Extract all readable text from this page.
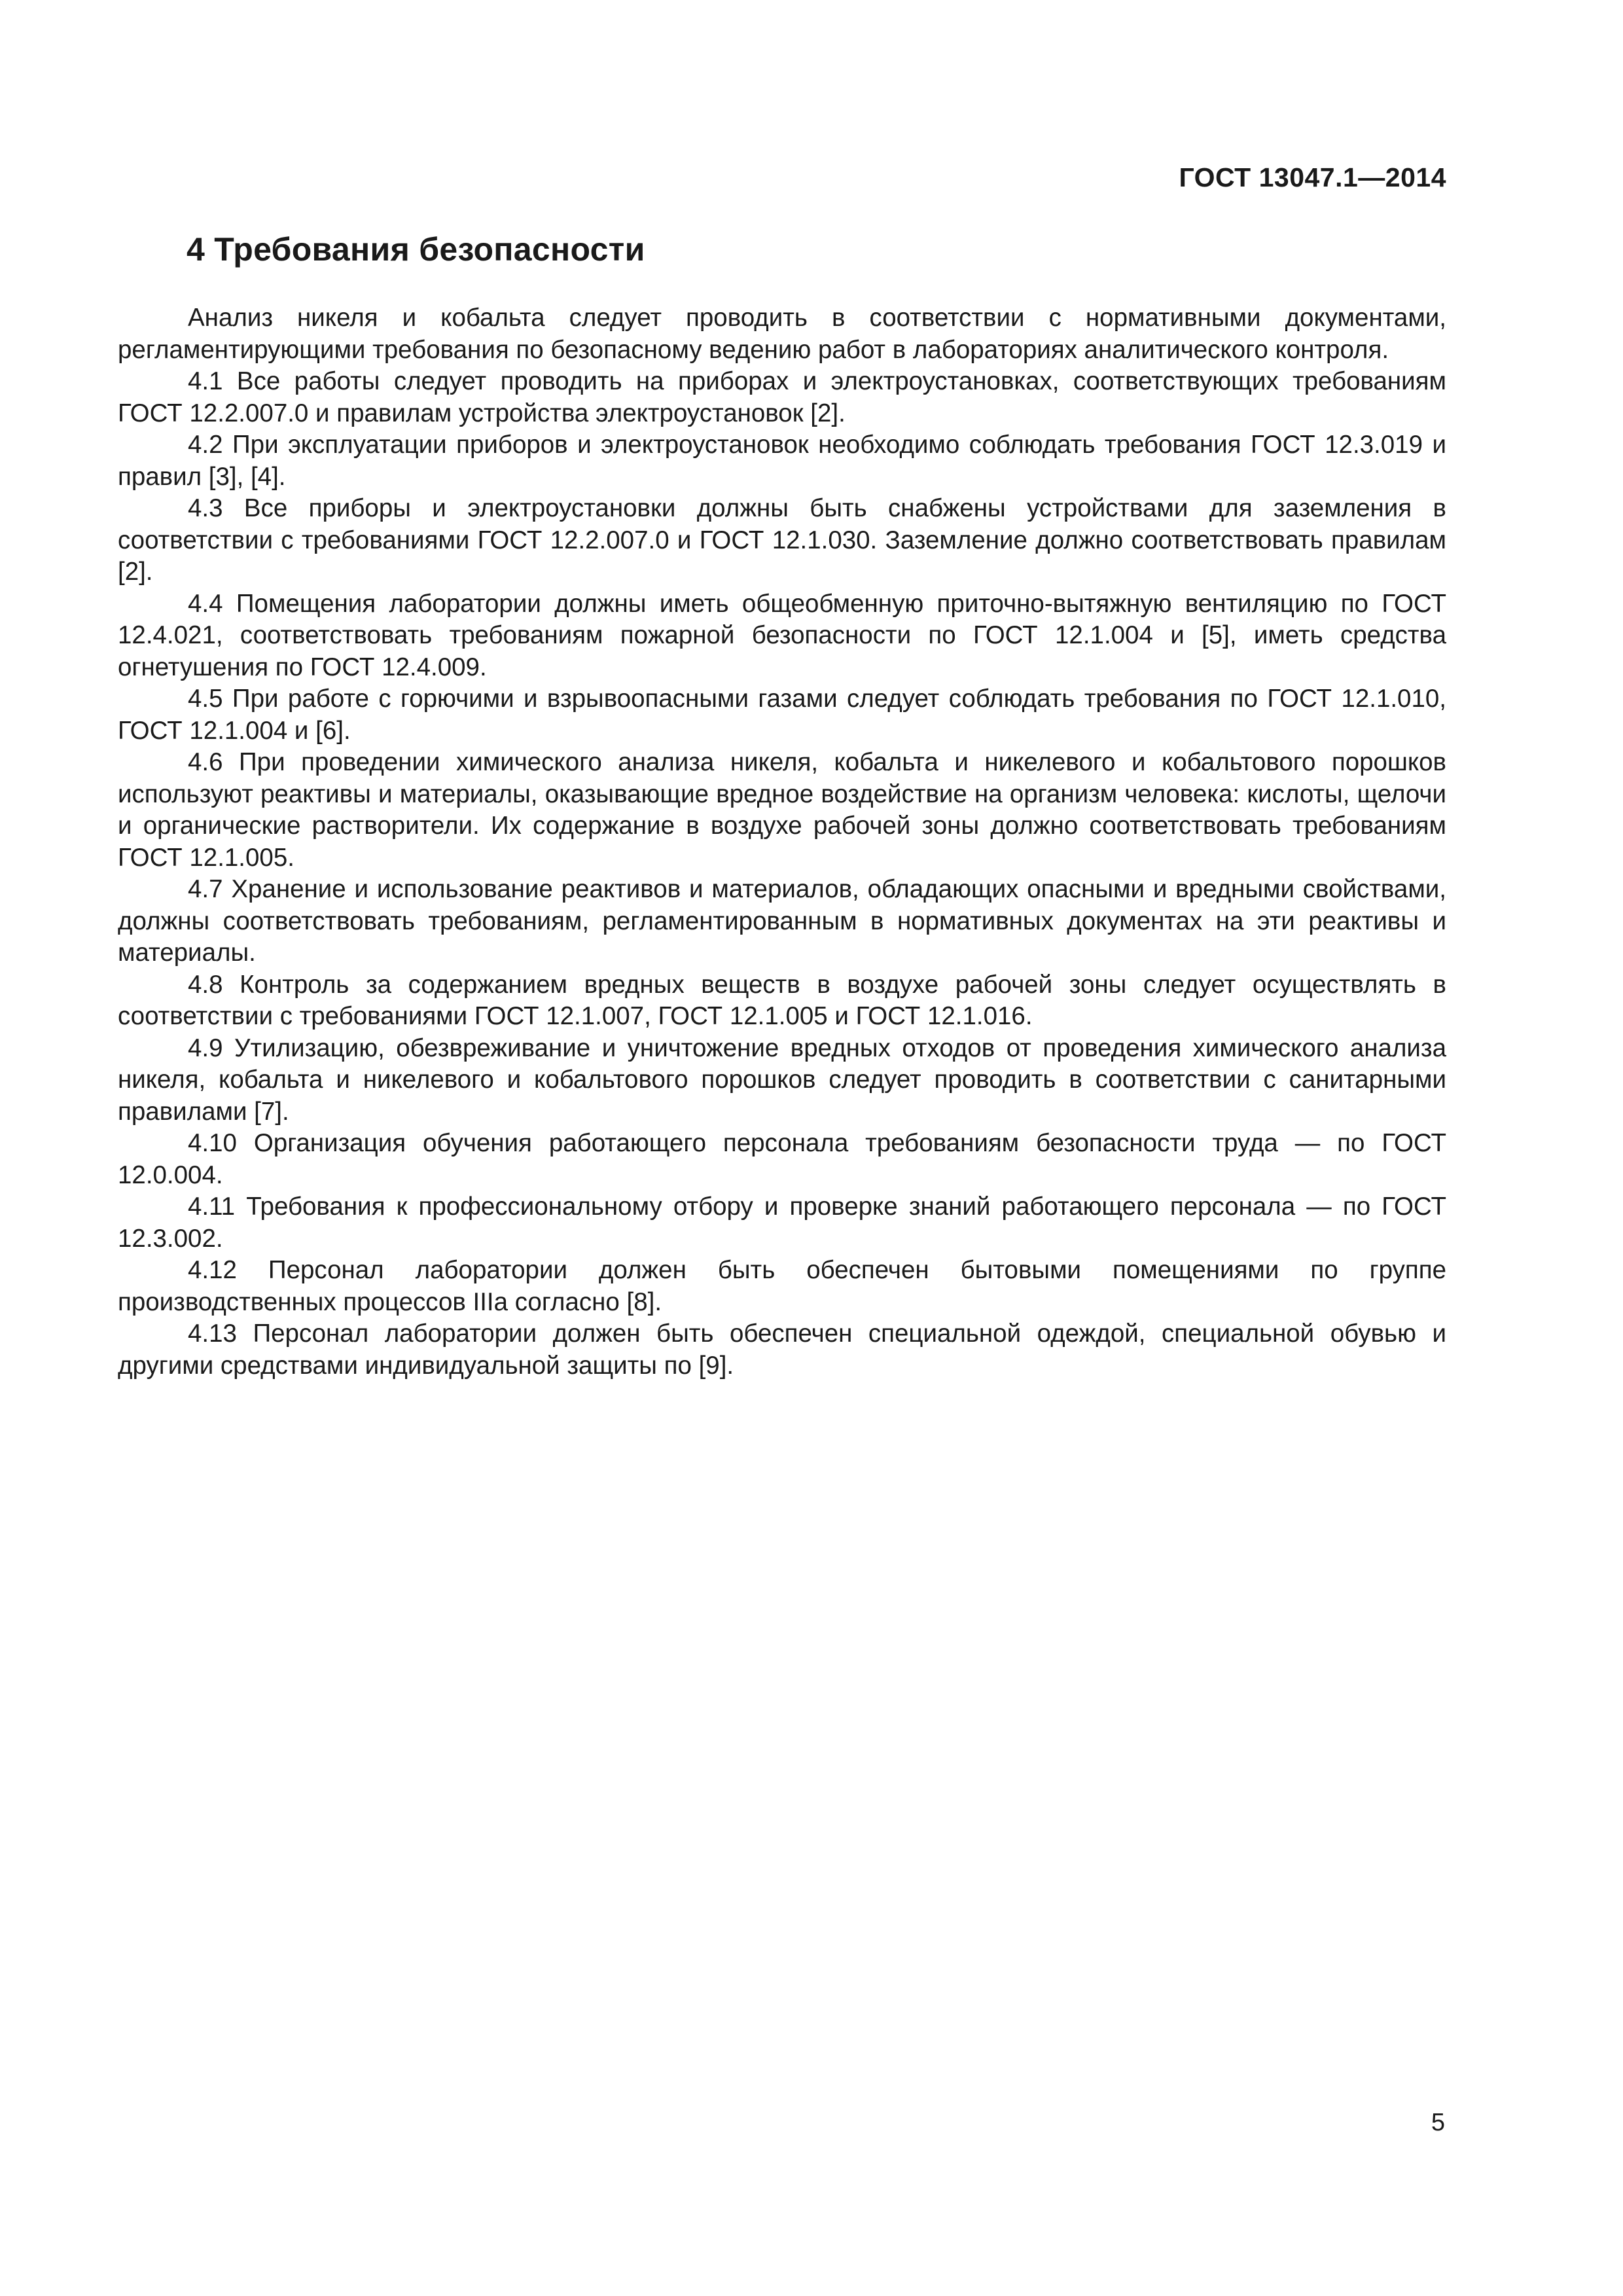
ГОСТ 13047.1—2014
4 Требования безопасности

Анализ никеля и кобальта следует проводить в соответствии с нормативными документами, регламентирующими требования по безопасному ведению работ в лабораториях аналитического контроля.

4.1 Все работы следует проводить на приборах и электроустановках, соответствующих требованиям ГОСТ 12.2.007.0 и правилам устройства электроустановок [2].

4.2 При эксплуатации приборов и электроустановок необходимо соблюдать требования ГОСТ 12.3.019 и правил [3], [4].

4.3 Все приборы и электроустановки должны быть снабжены устройствами для заземления в соответствии с требованиями ГОСТ 12.2.007.0 и ГОСТ 12.1.030. Заземление должно соответствовать правилам [2].

4.4 Помещения лаборатории должны иметь общеобменную приточно-вытяжную вентиляцию по ГОСТ 12.4.021, соответствовать требованиям пожарной безопасности по ГОСТ 12.1.004 и [5], иметь средства огнетушения по ГОСТ 12.4.009.

4.5 При работе с горючими и взрывоопасными газами следует соблюдать требования по ГОСТ 12.1.010, ГОСТ 12.1.004 и [6].

4.6 При проведении химического анализа никеля, кобальта и никелевого и кобальтового порошков используют реактивы и материалы, оказывающие вредное воздействие на организм человека: кислоты, щелочи и органические растворители. Их содержание в воздухе рабочей зоны должно соответствовать требованиям ГОСТ 12.1.005.

4.7 Хранение и использование реактивов и материалов, обладающих опасными и вредными свойствами, должны соответствовать требованиям, регламентированным в нормативных документах на эти реактивы и материалы.

4.8 Контроль за содержанием вредных веществ в воздухе рабочей зоны следует осуществлять в соответствии с требованиями ГОСТ 12.1.007, ГОСТ 12.1.005 и ГОСТ 12.1.016.

4.9 Утилизацию, обезвреживание и уничтожение вредных отходов от проведения химического анализа никеля, кобальта и никелевого и кобальтового порошков следует проводить в соответствии с санитарными правилами [7].

4.10 Организация обучения работающего персонала требованиям безопасности труда — по ГОСТ 12.0.004.

4.11 Требования к профессиональному отбору и проверке знаний работающего персонала — по ГОСТ 12.3.002.

4.12 Персонал лаборатории должен быть обеспечен бытовыми помещениями по группе производственных процессов IIIа согласно [8].

4.13 Персонал лаборатории должен быть обеспечен специальной одеждой, специальной обувью и другими средствами индивидуальной защиты по [9].

5
